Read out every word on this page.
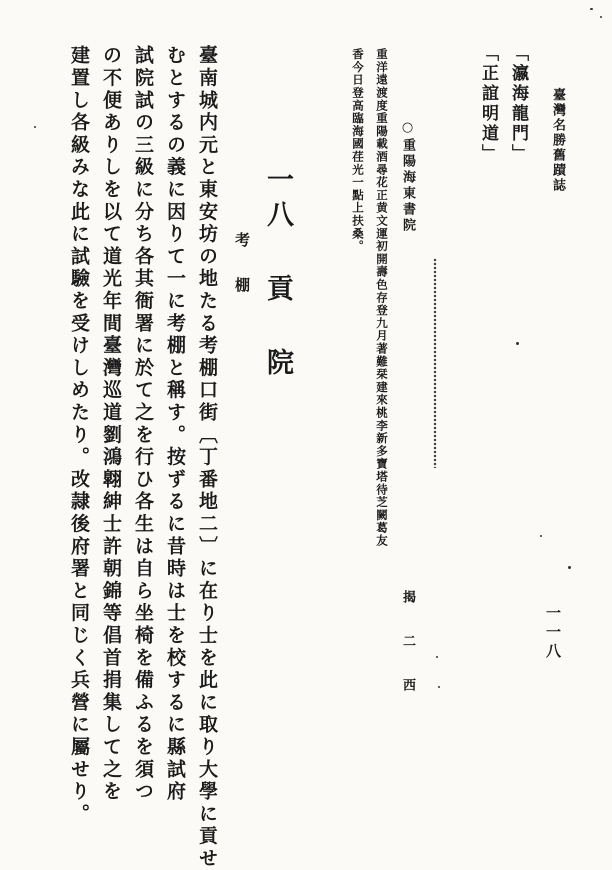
臺灣名勝舊蹟誌
一一八
「瀛海龍門」
「正誼明道」
○重陽海東書院
揭 二 西
重洋遠渡度重陽載酒尋花正黄文運初開壽色存登九月著難栞建來桃李新多寶塔待芝闕葛友
香今日登高臨海國荏光一點上扶桑。
一八 貢 院
考 棚
臺南城内元と東安坊の地たる考棚口街〔丁番地二〕に在り士を此に取り大學に貢せ
むとするの義に因りて一に考棚と稱す。按ずるに昔時は士を校するに縣試府
試院試の三級に分ち各其衙署に於て之を行ひ各生は自ら坐椅を備ふるを須つ
の不便ありしを以て道光年間臺灣巡道劉鴻翺紳士許朝錦等倡首捐集して之を
建置し各級みな此に試驗を受けしめたり。改隷後府署と同じく兵營に屬せり。
